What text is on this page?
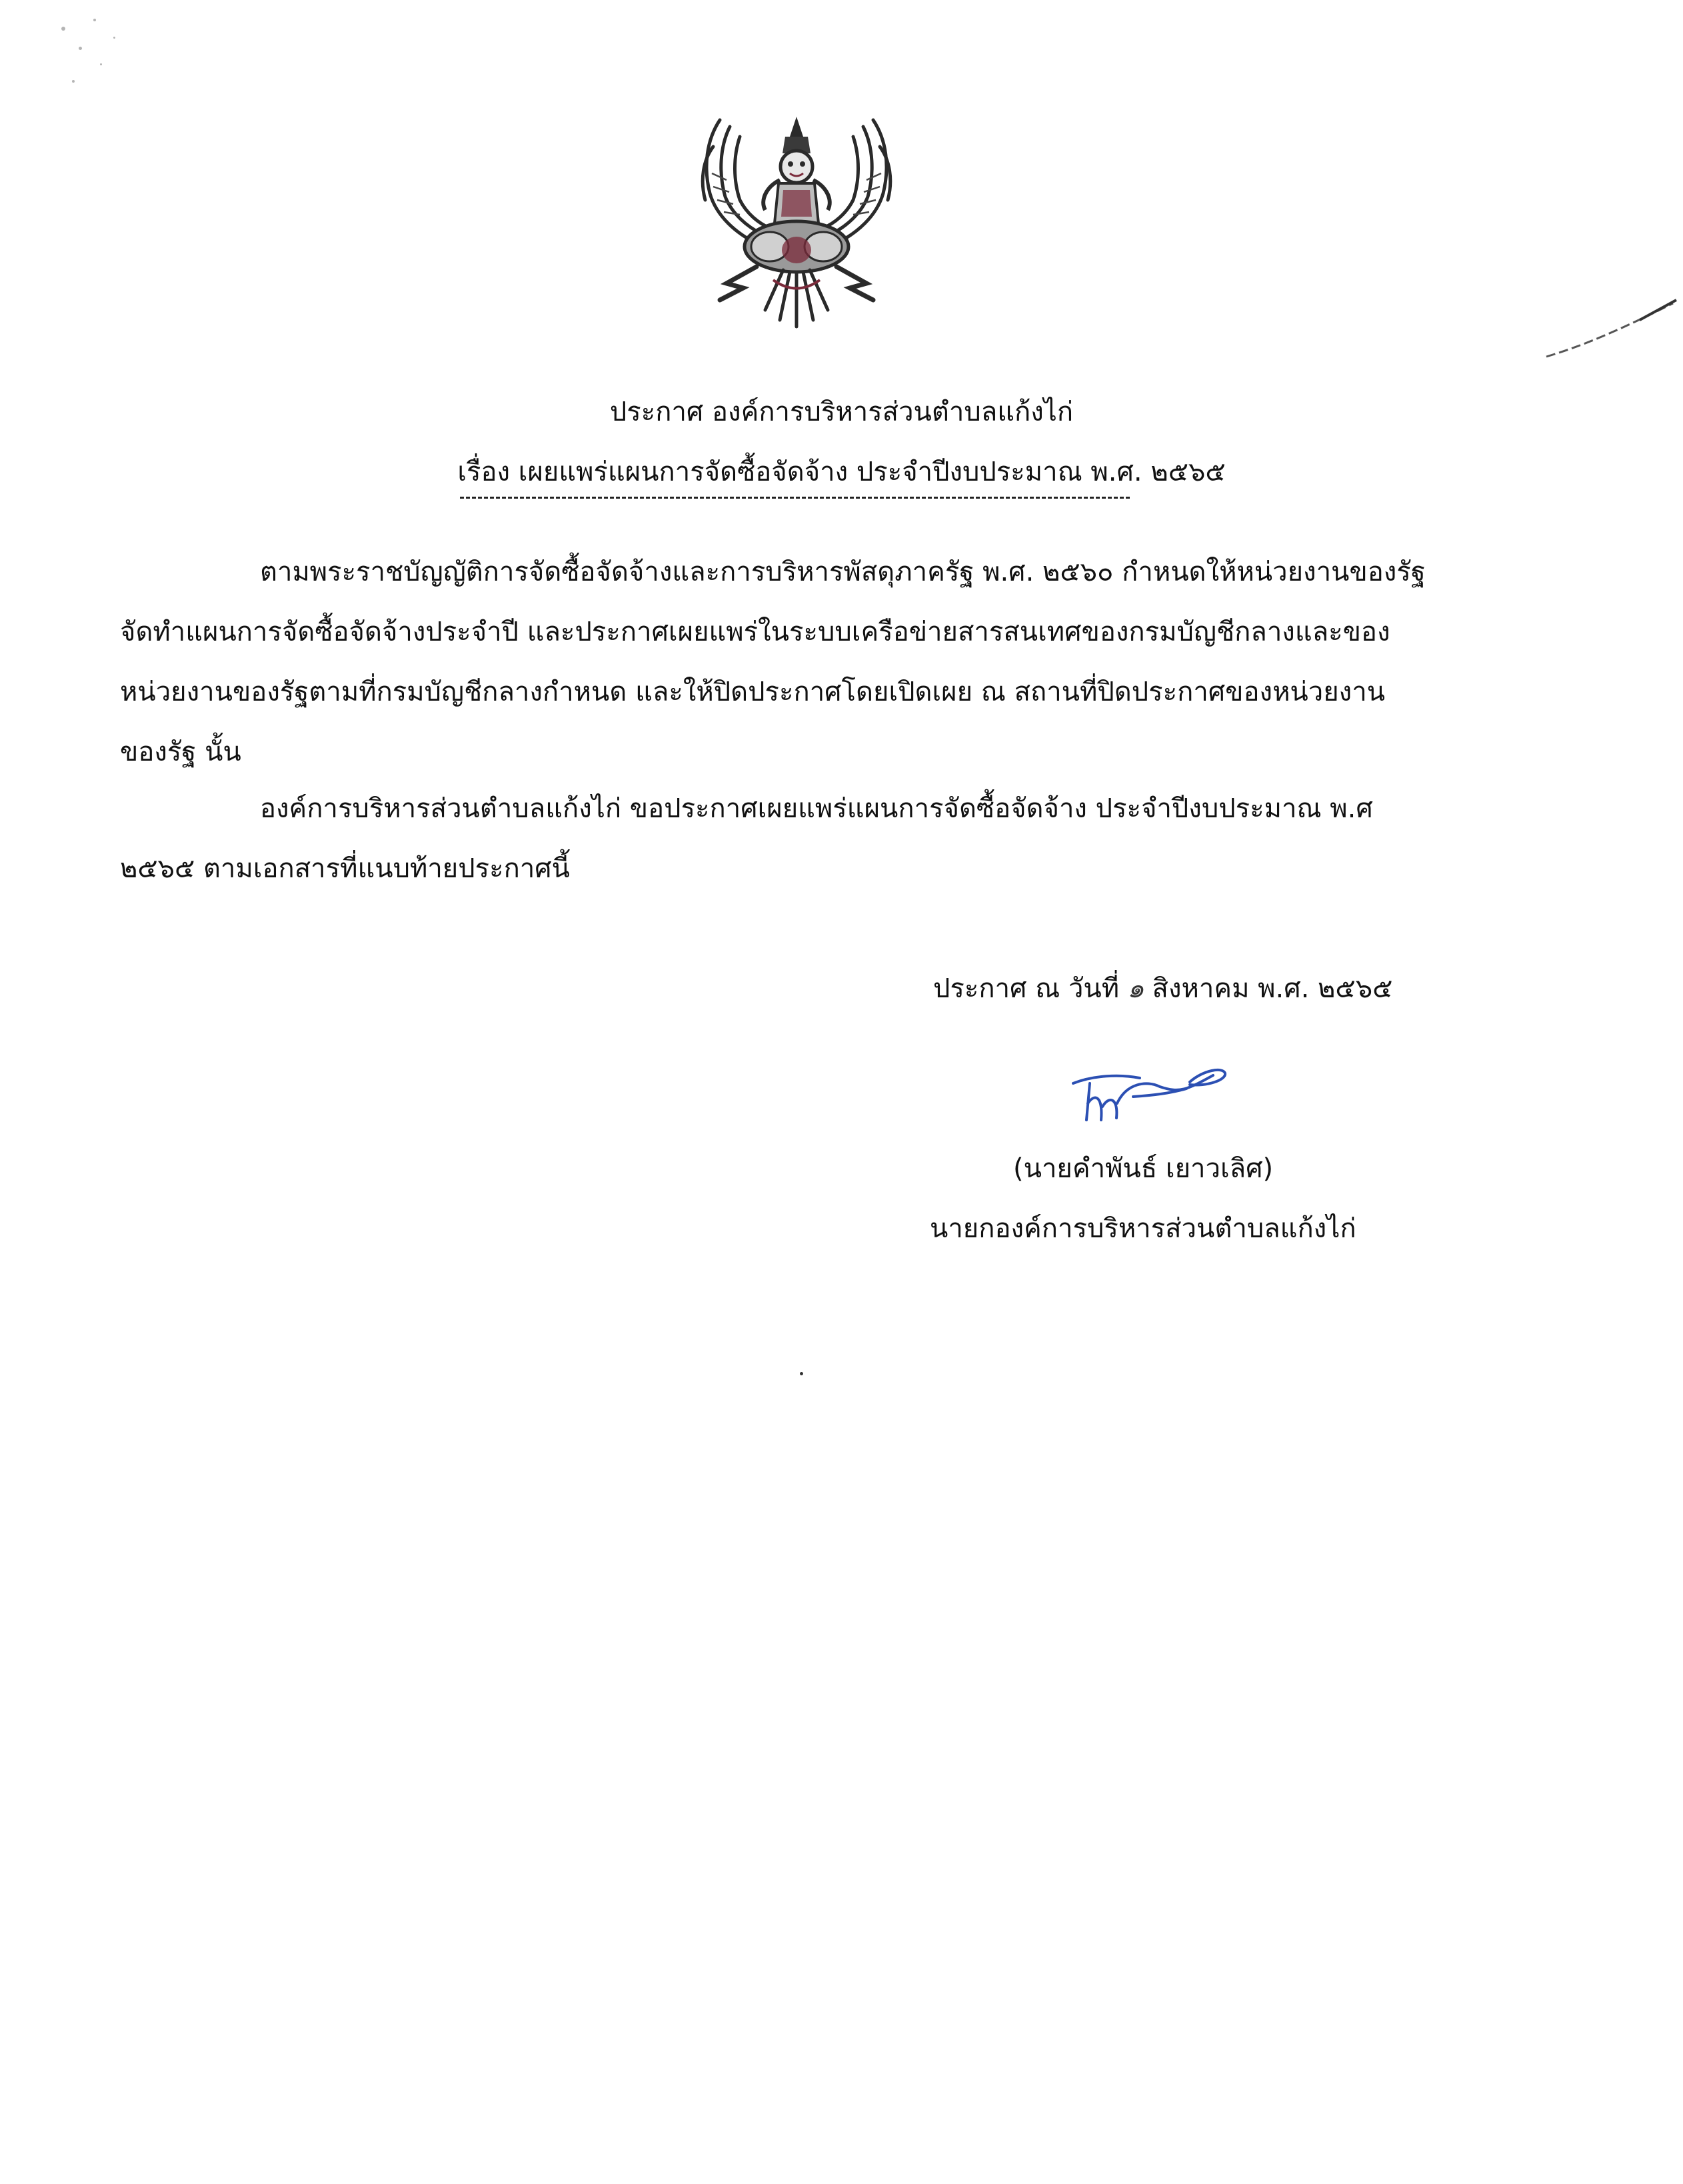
ประกาศ องค์การบริหารส่วนตำบลแก้งไก่
เรื่อง เผยแพร่แผนการจัดซื้อจัดจ้าง ประจำปีงบประมาณ พ.ศ. ๒๕๖๕
ตามพระราชบัญญัติการจัดซื้อจัดจ้างและการบริหารพัสดุภาครัฐ พ.ศ. ๒๕๖๐ กำหนดให้หน่วยงานของรัฐ
จัดทำแผนการจัดซื้อจัดจ้างประจำปี และประกาศเผยแพร่ในระบบเครือข่ายสารสนเทศของกรมบัญชีกลางและของ
หน่วยงานของรัฐตามที่กรมบัญชีกลางกำหนด และให้ปิดประกาศโดยเปิดเผย ณ สถานที่ปิดประกาศของหน่วยงาน
ของรัฐ นั้น
องค์การบริหารส่วนตำบลแก้งไก่ ขอประกาศเผยแพร่แผนการจัดซื้อจัดจ้าง ประจำปีงบประมาณ พ.ศ
๒๕๖๕ ตามเอกสารที่แนบท้ายประกาศนี้
ประกาศ ณ วันที่ ๑ สิงหาคม พ.ศ. ๒๕๖๕
(นายคำพันธ์ เยาวเลิศ)
นายกองค์การบริหารส่วนตำบลแก้งไก่
